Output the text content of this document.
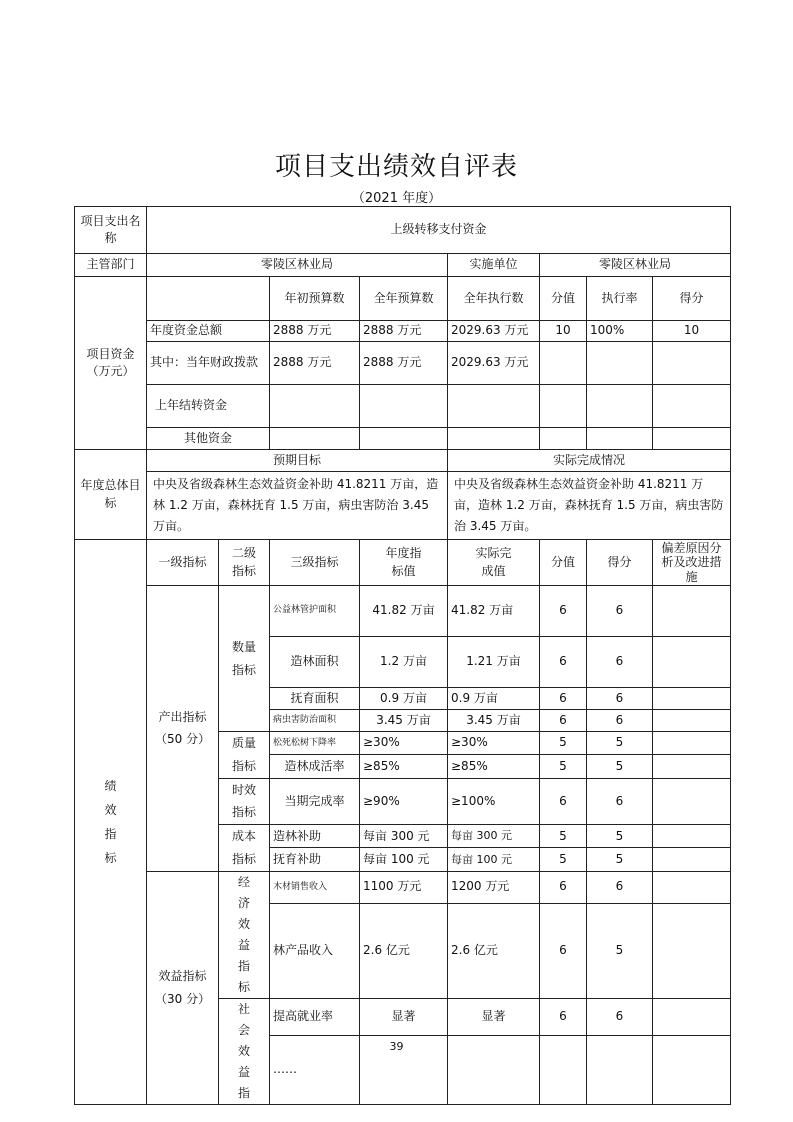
项目支出绩效自评表
（2021 年度）
项目支出名称	上级转移支付资金							
主管部门	零陵区林业局				实施单位	零陵区林业局		
项目资金（万元）			年初预算数	全年预算数	全年执行数	分值	执行率	得分
	年度资金总额		2888 万元	2888 万元	2029.63 万元	10	100%	10
	其中：当年财政拨款		2888 万元	2888 万元	2029.63 万元			
	上年结转资金							
	其他资金							
年度总体目标	预期目标				实际完成情况			
	中央及省级森林生态效益资金补助 41.8211 万亩，造林 1.2 万亩，森林抚育 1.5 万亩，病虫害防治 3.45 万亩。				中央及省级森林生态效益资金补助 41.8211 万亩，造林 1.2 万亩，森林抚育 1.5 万亩，病虫害防治 3.45 万亩。			
绩效指标	一级指标	二级指标	三级指标	年度指标值	实际完成值	分值	得分	偏差原因分析及改进措施
	产出指标（50 分）	数量指标	公益林管护面积	41.82 万亩	41.82 万亩	6	6	
			造林面积	1.2 万亩	1.21 万亩	6	6	
			抚育面积	0.9 万亩	0.9 万亩	6	6	
			病虫害防治面积	3.45 万亩	3.45 万亩	6	6	
		质量指标	松死松树下降率	≥30%	≥30%	5	5	
			造林成活率	≥85%	≥85%	5	5	
		时效指标	当期完成率	≥90%	≥100%	6	6	
		成本指标	造林补助	每亩 300 元	每亩 300 元	5	5	
			抚育补助	每亩 100 元	每亩 100 元	5	5	
	效益指标（30 分）	经济效益指标	木材销售收入	1100 万元	1200 万元	6	6	
			林产品收入	2.6 亿元	2.6 亿元	6	5	
		社会效益指	提高就业率	显著	显著	6	6	
			……					
39
